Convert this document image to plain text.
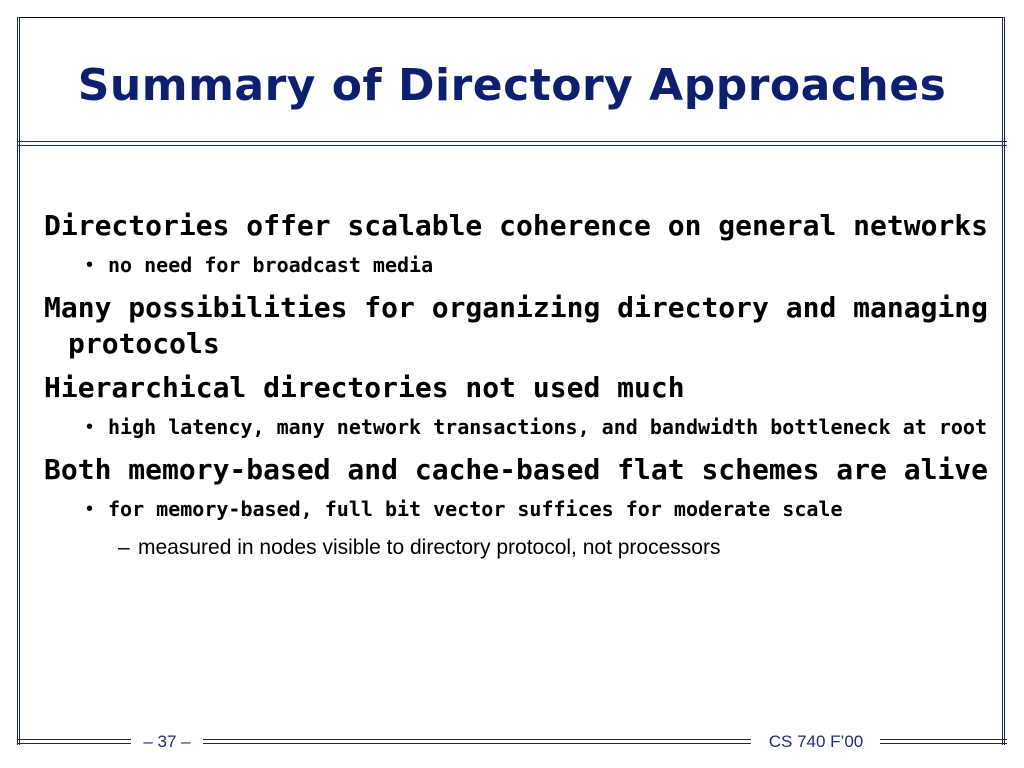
Summary of Directory Approaches

Directories offer scalable coherence on general networks

• no need for broadcast media

Many possibilities for organizing directory and managing protocols

Hierarchical directories not used much

• high latency, many network transactions, and bandwidth bottleneck at root

Both memory-based and cache-based flat schemes are alive

• for memory-based, full bit vector suffices for moderate scale
– measured in nodes visible to directory protocol, not processors
– 37 –	CS 740 F’00
